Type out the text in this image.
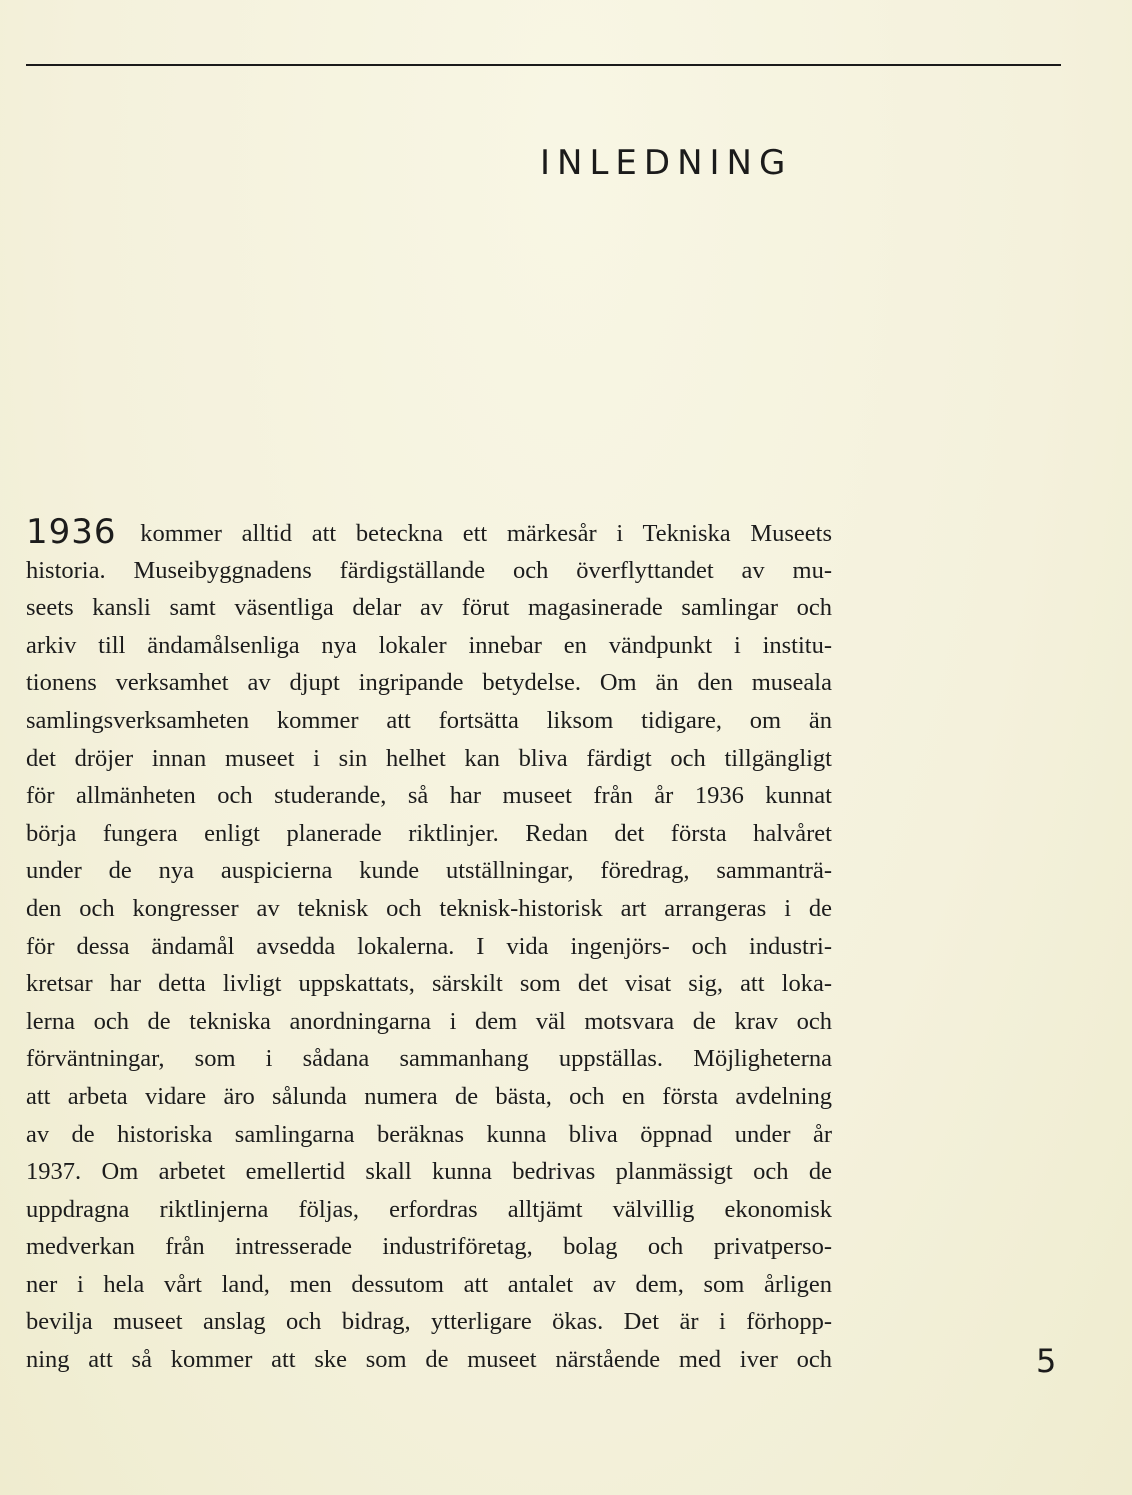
INLEDNING
1936 kommer alltid att beteckna ett märkesår i Tekniska Museets
historia. Museibyggnadens färdigställande och överflyttandet av mu-
seets kansli samt väsentliga delar av förut magasinerade samlingar och
arkiv till ändamålsenliga nya lokaler innebar en vändpunkt i institu-
tionens verksamhet av djupt ingripande betydelse. Om än den museala
samlingsverksamheten kommer att fortsätta liksom tidigare, om än
det dröjer innan museet i sin helhet kan bliva färdigt och tillgängligt
för allmänheten och studerande, så har museet från år 1936 kunnat
börja fungera enligt planerade riktlinjer. Redan det första halvåret
under de nya auspicierna kunde utställningar, föredrag, sammanträ-
den och kongresser av teknisk och teknisk-historisk art arrangeras i de
för dessa ändamål avsedda lokalerna. I vida ingenjörs- och industri-
kretsar har detta livligt uppskattats, särskilt som det visat sig, att loka-
lerna och de tekniska anordningarna i dem väl motsvara de krav och
förväntningar, som i sådana sammanhang uppställas. Möjligheterna
att arbeta vidare äro sålunda numera de bästa, och en första avdelning
av de historiska samlingarna beräknas kunna bliva öppnad under år
1937. Om arbetet emellertid skall kunna bedrivas planmässigt och de
uppdragna riktlinjerna följas, erfordras alltjämt välvillig ekonomisk
medverkan från intresserade industriföretag, bolag och privatperso-
ner i hela vårt land, men dessutom att antalet av dem, som årligen
bevilja museet anslag och bidrag, ytterligare ökas. Det är i förhopp-
ning att så kommer att ske som de museet närstående med iver och	5
